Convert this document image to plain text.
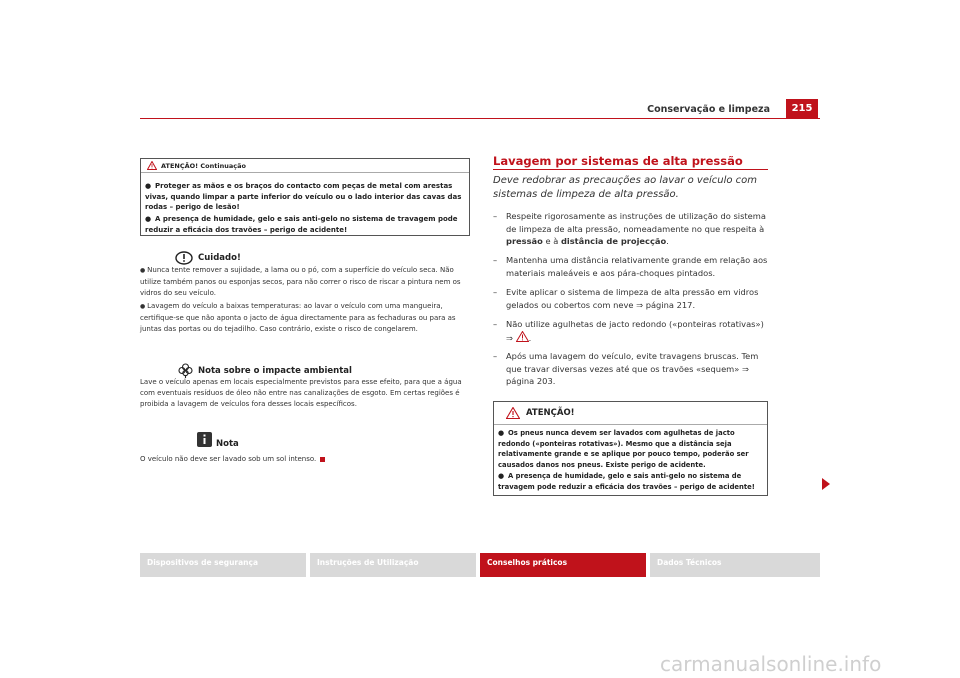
Conservação e limpeza	215
ATENÇÃO! Continuação
● Proteger as mãos e os braços do contacto com peças de metal com arestas vivas, quando limpar a parte inferior do veículo ou o lado interior das cavas das rodas – perigo de lesão!
● A presença de humidade, gelo e sais anti-gelo no sistema de travagem pode reduzir a eficácia dos travões – perigo de acidente!
Cuidado!
● Nunca tente remover a sujidade, a lama ou o pó, com a superfície do veículo seca. Não utilize também panos ou esponjas secos, para não correr o risco de riscar a pintura nem os vidros do seu veículo.
● Lavagem do veículo a baixas temperaturas: ao lavar o veículo com uma mangueira, certifique-se que não aponta o jacto de água directamente para as fechaduras ou para as juntas das portas ou do tejadilho. Caso contrário, existe o risco de congelarem.
Nota sobre o impacte ambiental
Lave o veículo apenas em locais especialmente previstos para esse efeito, para que a água com eventuais resíduos de óleo não entre nas canalizações de esgoto. Em certas regiões é proibida a lavagem de veículos fora desses locais específicos.
Nota
O veículo não deve ser lavado sob um sol intenso.
Lavagem por sistemas de alta pressão
Deve redobrar as precauções ao lavar o veículo com sistemas de limpeza de alta pressão.
– Respeite rigorosamente as instruções de utilização do sistema de limpeza de alta pressão, nomeadamente no que respeita à pressão e à distância de projecção.
– Mantenha uma distância relativamente grande em relação aos materiais maleáveis e aos pára-choques pintados.
– Evite aplicar o sistema de limpeza de alta pressão em vidros gelados ou cobertos com neve ⇒ página 217.
– Não utilize agulhetas de jacto redondo («ponteiras rotativas»)
⇒ .
– Após uma lavagem do veículo, evite travagens bruscas. Tem que travar diversas vezes até que os travões «sequem» ⇒ página 203.
ATENÇÃO!
● Os pneus nunca devem ser lavados com agulhetas de jacto redondo («ponteiras rotativas»). Mesmo que a distância seja relativamente grande e se aplique por pouco tempo, poderão ser causados danos nos pneus. Existe perigo de acidente.
● A presença de humidade, gelo e sais anti-gelo no sistema de travagem pode reduzir a eficácia dos travões – perigo de acidente!
Dispositivos de segurança	Instruções de Utilização	Conselhos práticos	Dados Técnicos
carmanualsonline.info
